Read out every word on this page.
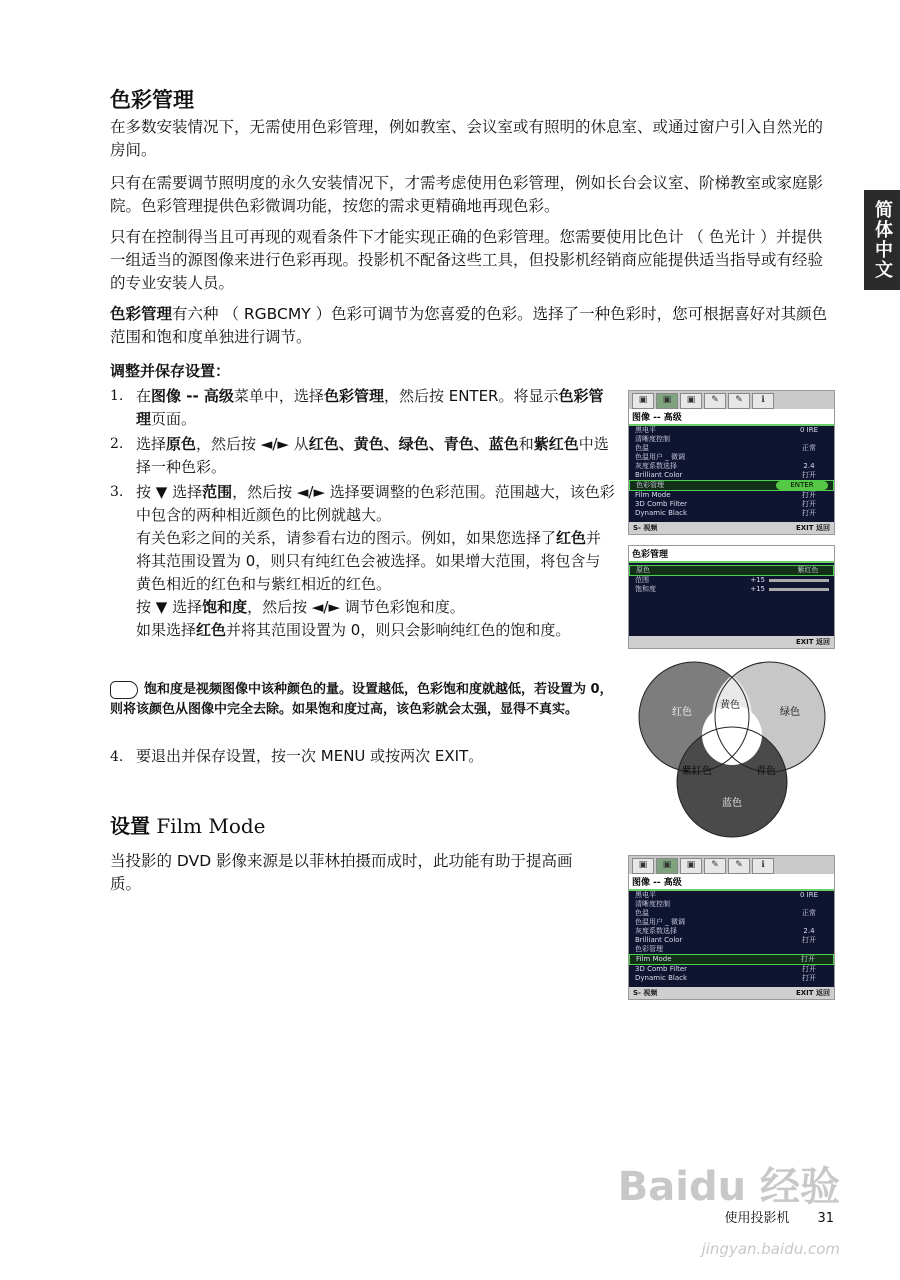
色彩管理
简体中文
在多数安装情况下，无需使用色彩管理，例如教室、会议室或有照明的休息室、或通过窗户引入自然光的房间。
只有在需要调节照明度的永久安装情况下，才需考虑使用色彩管理，例如长台会议室、阶梯教室或家庭影院。色彩管理提供色彩微调功能，按您的需求更精确地再现色彩。
只有在控制得当且可再现的观看条件下才能实现正确的色彩管理。您需要使用比色计 （ 色光计 ）并提供一组适当的源图像来进行色彩再现。投影机不配备这些工具，但投影机经销商应能提供适当指导或有经验的专业安装人员。
色彩管理有六种 （ RGBCMY ）色彩可调节为您喜爱的色彩。选择了一种色彩时，您可根据喜好对其颜色范围和饱和度单独进行调节。
调整并保存设置：
1. 在图像 -- 高级菜单中，选择色彩管理，然后按 ENTER。将显示色彩管理页面。

2. 选择原色，然后按 ◄/► 从红色、黄色、绿色、青色、蓝色和紫红色中选择一种色彩。

3. 按 ▼ 选择范围，然后按 ◄/► 选择要调整的色彩范围。范围越大，该色彩中包含的两种相近颜色的比例就越大。

有关色彩之间的关系，请参看右边的图示。例如，如果您选择了红色并将其范围设置为 0，则只有纯红色会被选择。如果增大范围，将包含与黄色相近的红色和与紫红相近的红色。

按 ▼ 选择饱和度，然后按 ◄/► 调节色彩饱和度。

如果选择红色并将其范围设置为 0，则只会影响纯红色的饱和度。

饱和度是视频图像中该种颜色的量。设置越低，色彩饱和度就越低，若设置为 0，则将该颜色从图像中完全去除。如果饱和度过高，该色彩就会太强，显得不真实。
4. 要退出并保存设置，按一次 MENU 或按两次 EXIT。
设置 Film Mode
当投影的 DVD 影像来源是以菲林拍摄而成时，此功能有助于提高画质。
▣	▣	▣	✎	✎	ℹ
图像 -- 高级
黑电平	0 IRE
清晰度控制
色温	正常
色温用户 _ 微调
灰度系数选择	2.4
Brilliant Color	打开
色彩管理	ENTER
Film Mode	打开
3D Comb Filter	打开
Dynamic Black	打开
S- 视频	EXIT 返回
色彩管理
原色	紫红色
范围	+15
饱和度	+15
EXIT 返回
红色
黄色
绿色
紫红色	青色
蓝色
▣	▣	▣	✎	✎	ℹ
图像 -- 高级
黑电平	0 IRE
清晰度控制
色温	正常
色温用户 _ 微调
灰度系数选择	2.4
Brilliant Color	打开
色彩管理
Film Mode	打开
3D Comb Filter	打开
Dynamic Black	打开
S- 视频	EXIT 返回
Baidu 经验
使用投影机 31
jingyan.baidu.com
